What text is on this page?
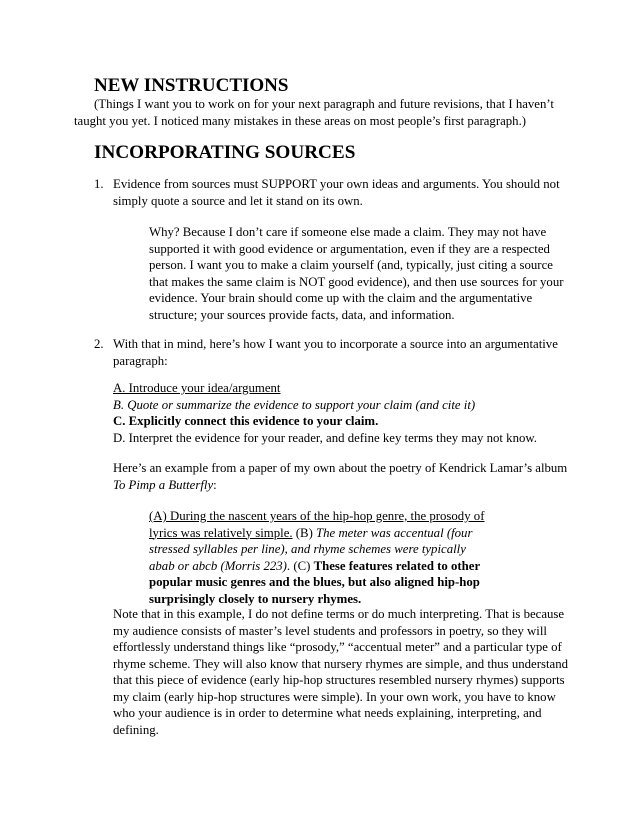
NEW INSTRUCTIONS

(Things I want you to work on for your next paragraph and future revisions, that I haven’t taught you yet. I noticed many mistakes in these areas on most people’s first paragraph.)

INCORPORATING SOURCES
1. Evidence from sources must SUPPORT your own ideas and arguments. You should not simply quote a source and let it stand on its own.

Why? Because I don’t care if someone else made a claim. They may not have supported it with good evidence or argumentation, even if they are a respected person. I want you to make a claim yourself (and, typically, just citing a source that makes the same claim is NOT good evidence), and then use sources for your evidence. Your brain should come up with the claim and the argumentative structure; your sources provide facts, data, and information.

2. With that in mind, here’s how I want you to incorporate a source into an argumentative paragraph:
A. Introduce your idea/argument
B. Quote or summarize the evidence to support your claim (and cite it)
C. Explicitly connect this evidence to your claim.
D. Interpret the evidence for your reader, and define key terms they may not know.

Here’s an example from a paper of my own about the poetry of Kendrick Lamar’s album To Pimp a Butterfly:

(A) During the nascent years of the hip-hop genre, the prosody of lyrics was relatively simple. (B) The meter was accentual (four stressed syllables per line), and rhyme schemes were typically abab or abcb (Morris 223). (C) These features related to other popular music genres and the blues, but also aligned hip-hop surprisingly closely to nursery rhymes.

Note that in this example, I do not define terms or do much interpreting. That is because my audience consists of master’s level students and professors in poetry, so they will effortlessly understand things like “prosody,” “accentual meter” and a particular type of rhyme scheme. They will also know that nursery rhymes are simple, and thus understand that this piece of evidence (early hip-hop structures resembled nursery rhymes) supports my claim (early hip-hop structures were simple). In your own work, you have to know who your audience is in order to determine what needs explaining, interpreting, and defining.
